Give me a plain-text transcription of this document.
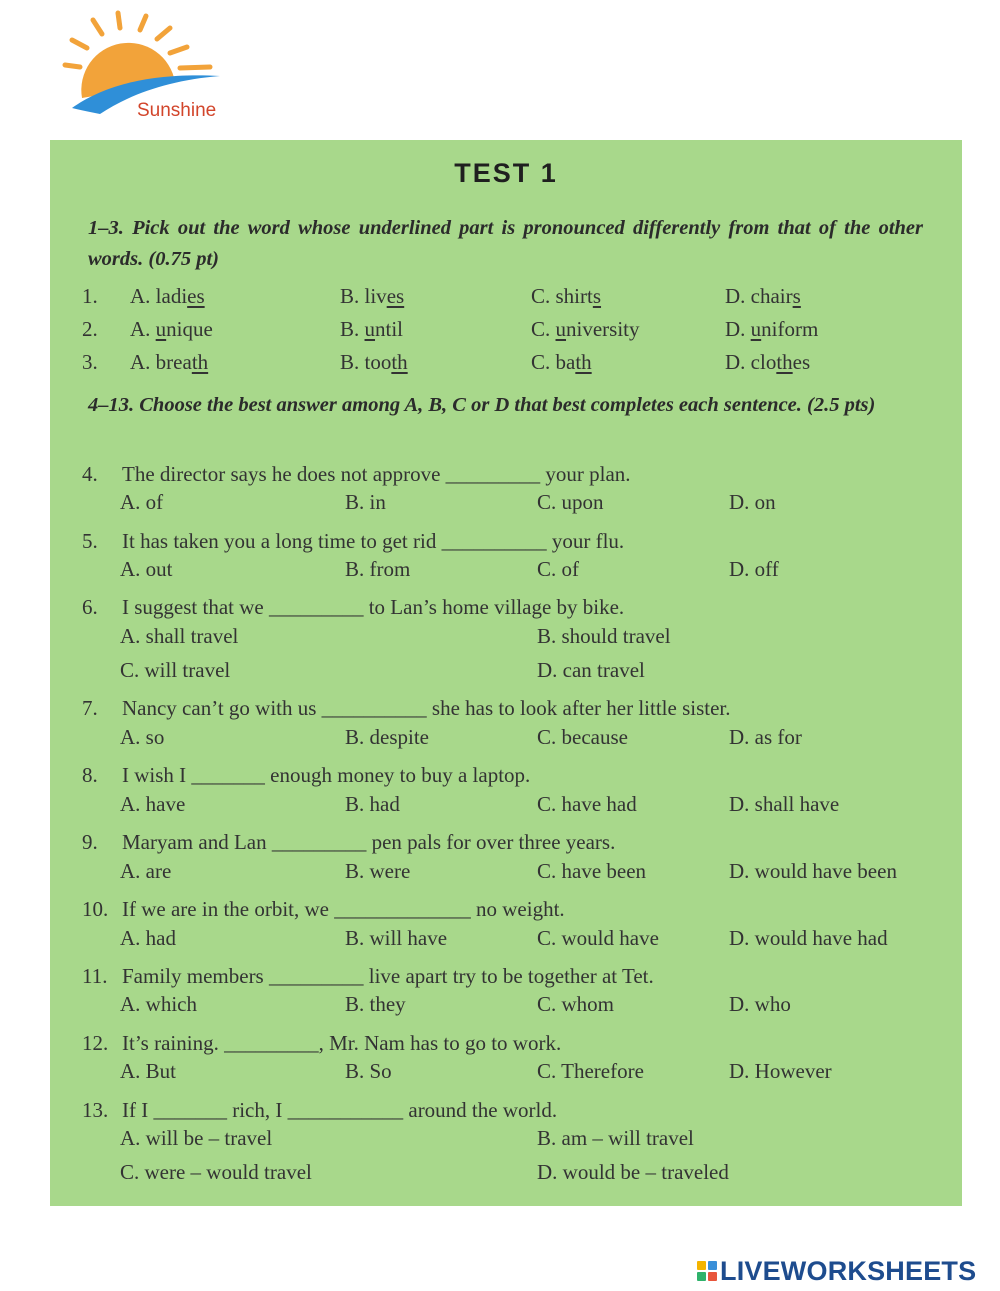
Sunshine
TEST 1
1–3. Pick out the word whose underlined part is pronounced differently from that of the other words. (0.75 pt)
1. A. ladies	B. lives	C. shirts	D. chairs
2. A. unique	B. until	C. university	D. uniform
3. A. breath	B. tooth	C. bath	D. clothes
4–13. Choose the best answer among A, B, C or D that best completes each sentence. (2.5 pts)
4. The director says he does not approve _________ your plan.
A. of	B. in	C. upon	D. on
5. It has taken you a long time to get rid __________ your flu.
A. out	B. from	C. of	D. off
6. I suggest that we _________ to Lan’s home village by bike.
A. shall travel	B. should travel
C. will travel	D. can travel
7. Nancy can’t go with us __________ she has to look after her little sister.
A. so	B. despite	C. because	D. as for
8. I wish I _______ enough money to buy a laptop.
A. have	B. had	C. have had	D. shall have
9. Maryam and Lan _________ pen pals for over three years.
A. are	B. were	C. have been	D. would have been
10. If we are in the orbit, we _____________ no weight.
A. had	B. will have	C. would have	D. would have had
11. Family members _________ live apart try to be together at Tet.
A. which	B. they	C. whom	D. who
12. It’s raining. _________, Mr. Nam has to go to work.
A. But	B. So	C. Therefore	D. However
13. If I _______ rich, I ___________ around the world.
A. will be – travel	B. am – will travel
C. were – would travel	D. would be – traveled
LIVEWORKSHEETS
